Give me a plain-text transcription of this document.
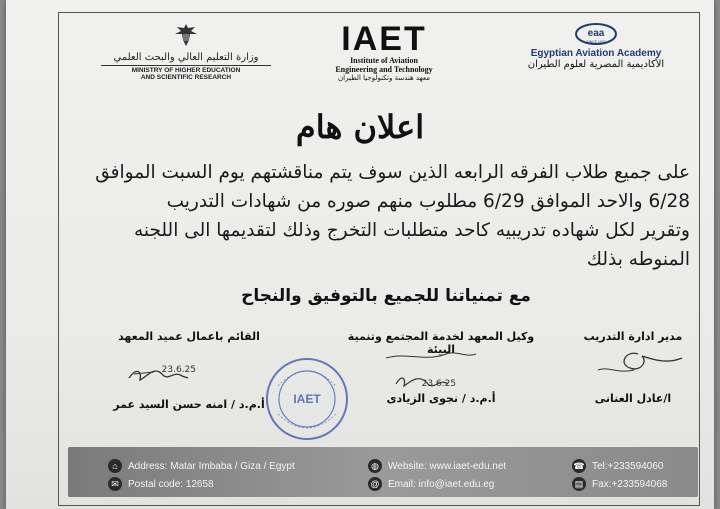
وزارة التعليم العالي والبحث العلمي
MINISTRY OF HIGHER EDUCATION
AND SCIENTIFIC RESEARCH
IAET
Institute of Aviation
Engineering and Technology
معهد هندسة وتكنولوجيا الطيران
eaa
SINCE 1932
Egyptian Aviation Academy
الأكاديمية المصرية لعلوم الطيران
اعلان هام
على جميع طلاب الفرقه الرابعه الذين سوف يتم مناقشتهم يوم السبت الموافق
6/28 والاحد الموافق 6/29 مطلوب منهم صوره من شهادات التدريب
وتقرير لكل شهاده تدريبيه كاحد متطلبات التخرج وذلك لتقديمها الى اللجنه
المنوطه بذلك
مع تمنياتنا للجميع بالتوفيق والنجاح
القائم باعمال عميد المعهد
23.6.25
أ.م.د / امنه حسن السيد عمر	IAET
وكيل المعهد لخدمة المجتمع وتنمية البيئة
23.6.25
أ.م.د / نجوى الزيادى
مدير ادارة التدريب
ا/عادل العنانى
⌂	Address: Matar Imbaba / Giza / Egypt
✉ Postal code: 12658
◍ Website: www.iaet-edu.net
@ Email: info@iaet.edu.eg
☎ Tel:+233594060
▤ Fax:+233594068
